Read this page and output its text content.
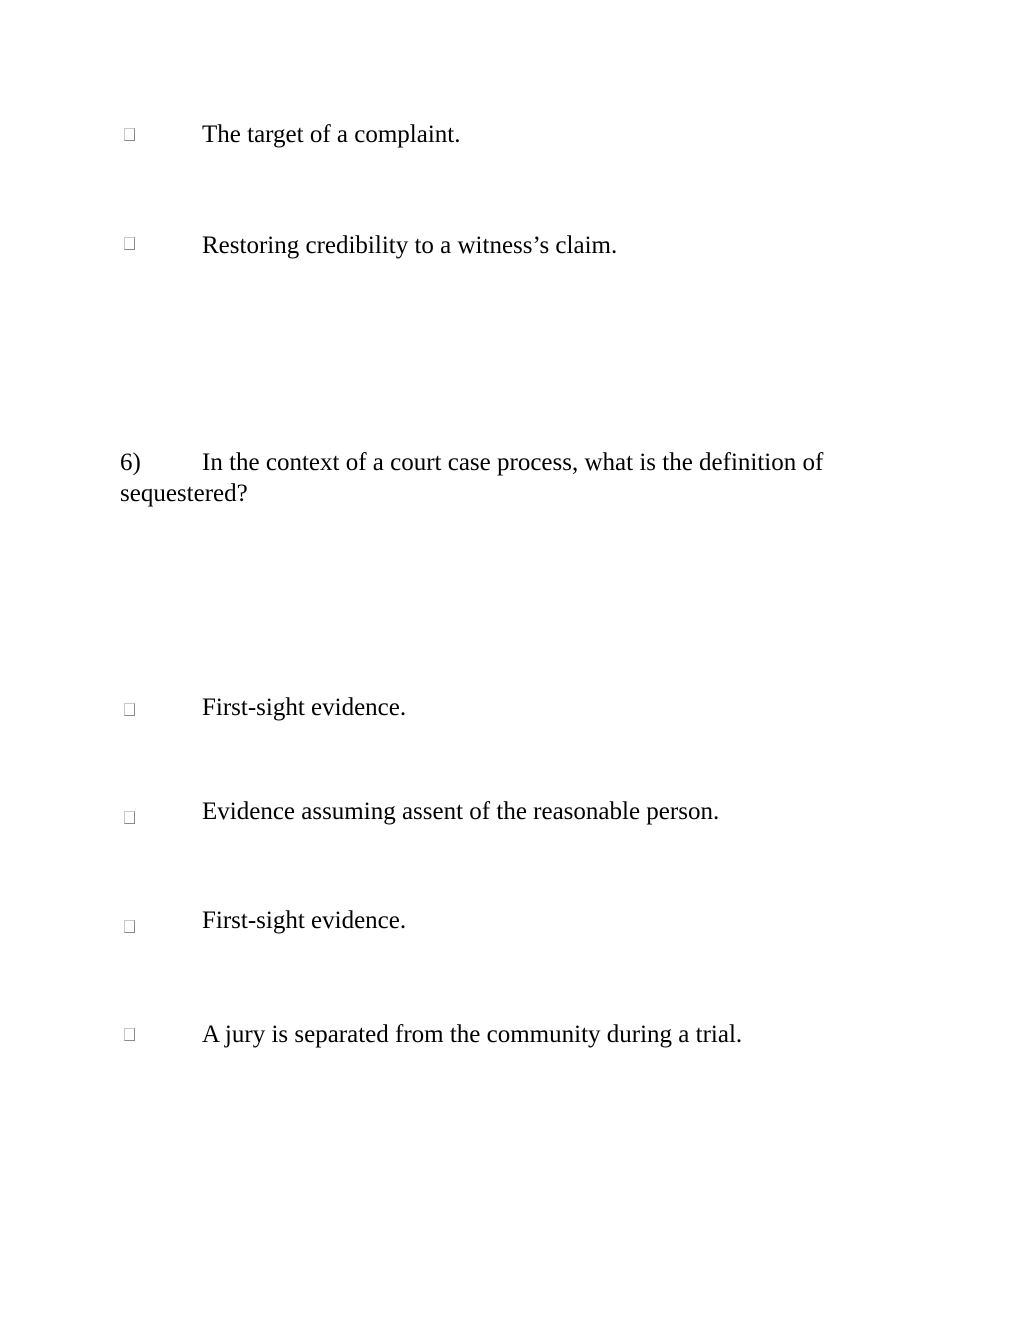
The target of a complaint.
Restoring credibility to a witness’s claim.
6) In the context of a court case process, what is the definition of sequestered?
First-sight evidence.
Evidence assuming assent of the reasonable person.
First-sight evidence.
A jury is separated from the community during a trial.
